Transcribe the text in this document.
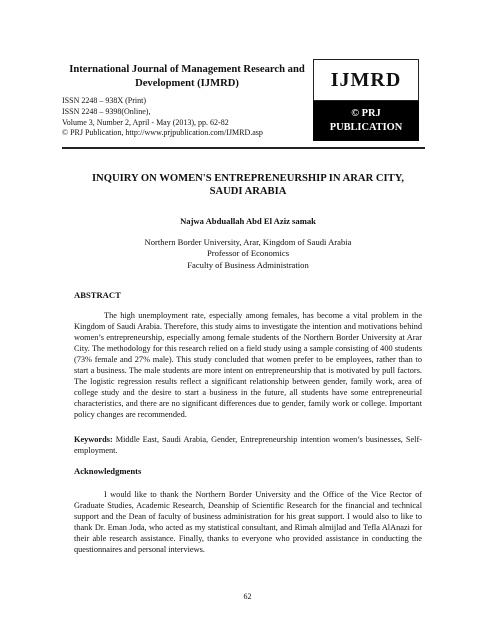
International Journal of Management Research and Development (IJMRD)
ISSN 2248 – 938X (Print)
ISSN 2248 – 9398(Online),
Volume 3, Number 2, April - May (2013), pp. 62-82
© PRJ Publication, http://www.prjpublication.com/IJMRD.asp
IJMRD
© PRJ
PUBLICATION
INQUIRY ON WOMEN'S ENTREPRENEURSHIP IN ARAR CITY, SAUDI ARABIA
Najwa Abduallah Abd El Aziz samak
Northern Border University, Arar, Kingdom of Saudi Arabia
Professor of Economics
Faculty of Business Administration
ABSTRACT
The high unemployment rate, especially among females, has become a vital problem in the Kingdom of Saudi Arabia. Therefore, this study aims to investigate the intention and motivations behind women’s entrepreneurship, especially among female students of the Northern Border University at Arar City. The methodology for this research relied on a field study using a sample consisting of 400 students (73% female and 27% male). This study concluded that women prefer to be employees, rather than to start a business. The male students are more intent on entrepreneurship that is motivated by pull factors. The logistic regression results reflect a significant relationship between gender, family work, area of college study and the desire to start a business in the future, all students have some entrepreneurial characteristics, and there are no significant differences due to gender, family work or college. Important policy changes are recommended.
Keywords: Middle East, Saudi Arabia, Gender, Entrepreneurship intention women’s businesses, Self-employment.
Acknowledgments
I would like to thank the Northern Border University and the Office of the Vice Rector of Graduate Studies, Academic Research, Deanship of Scientific Research for the financial and technical support and the Dean of faculty of business administration for his great support. I would also to like to thank Dr. Eman Joda, who acted as my statistical consultant, and Rimah almijlad and Tefla AlAnazi for their able research assistance. Finally, thanks to everyone who provided assistance in conducting the questionnaires and personal interviews.
62
